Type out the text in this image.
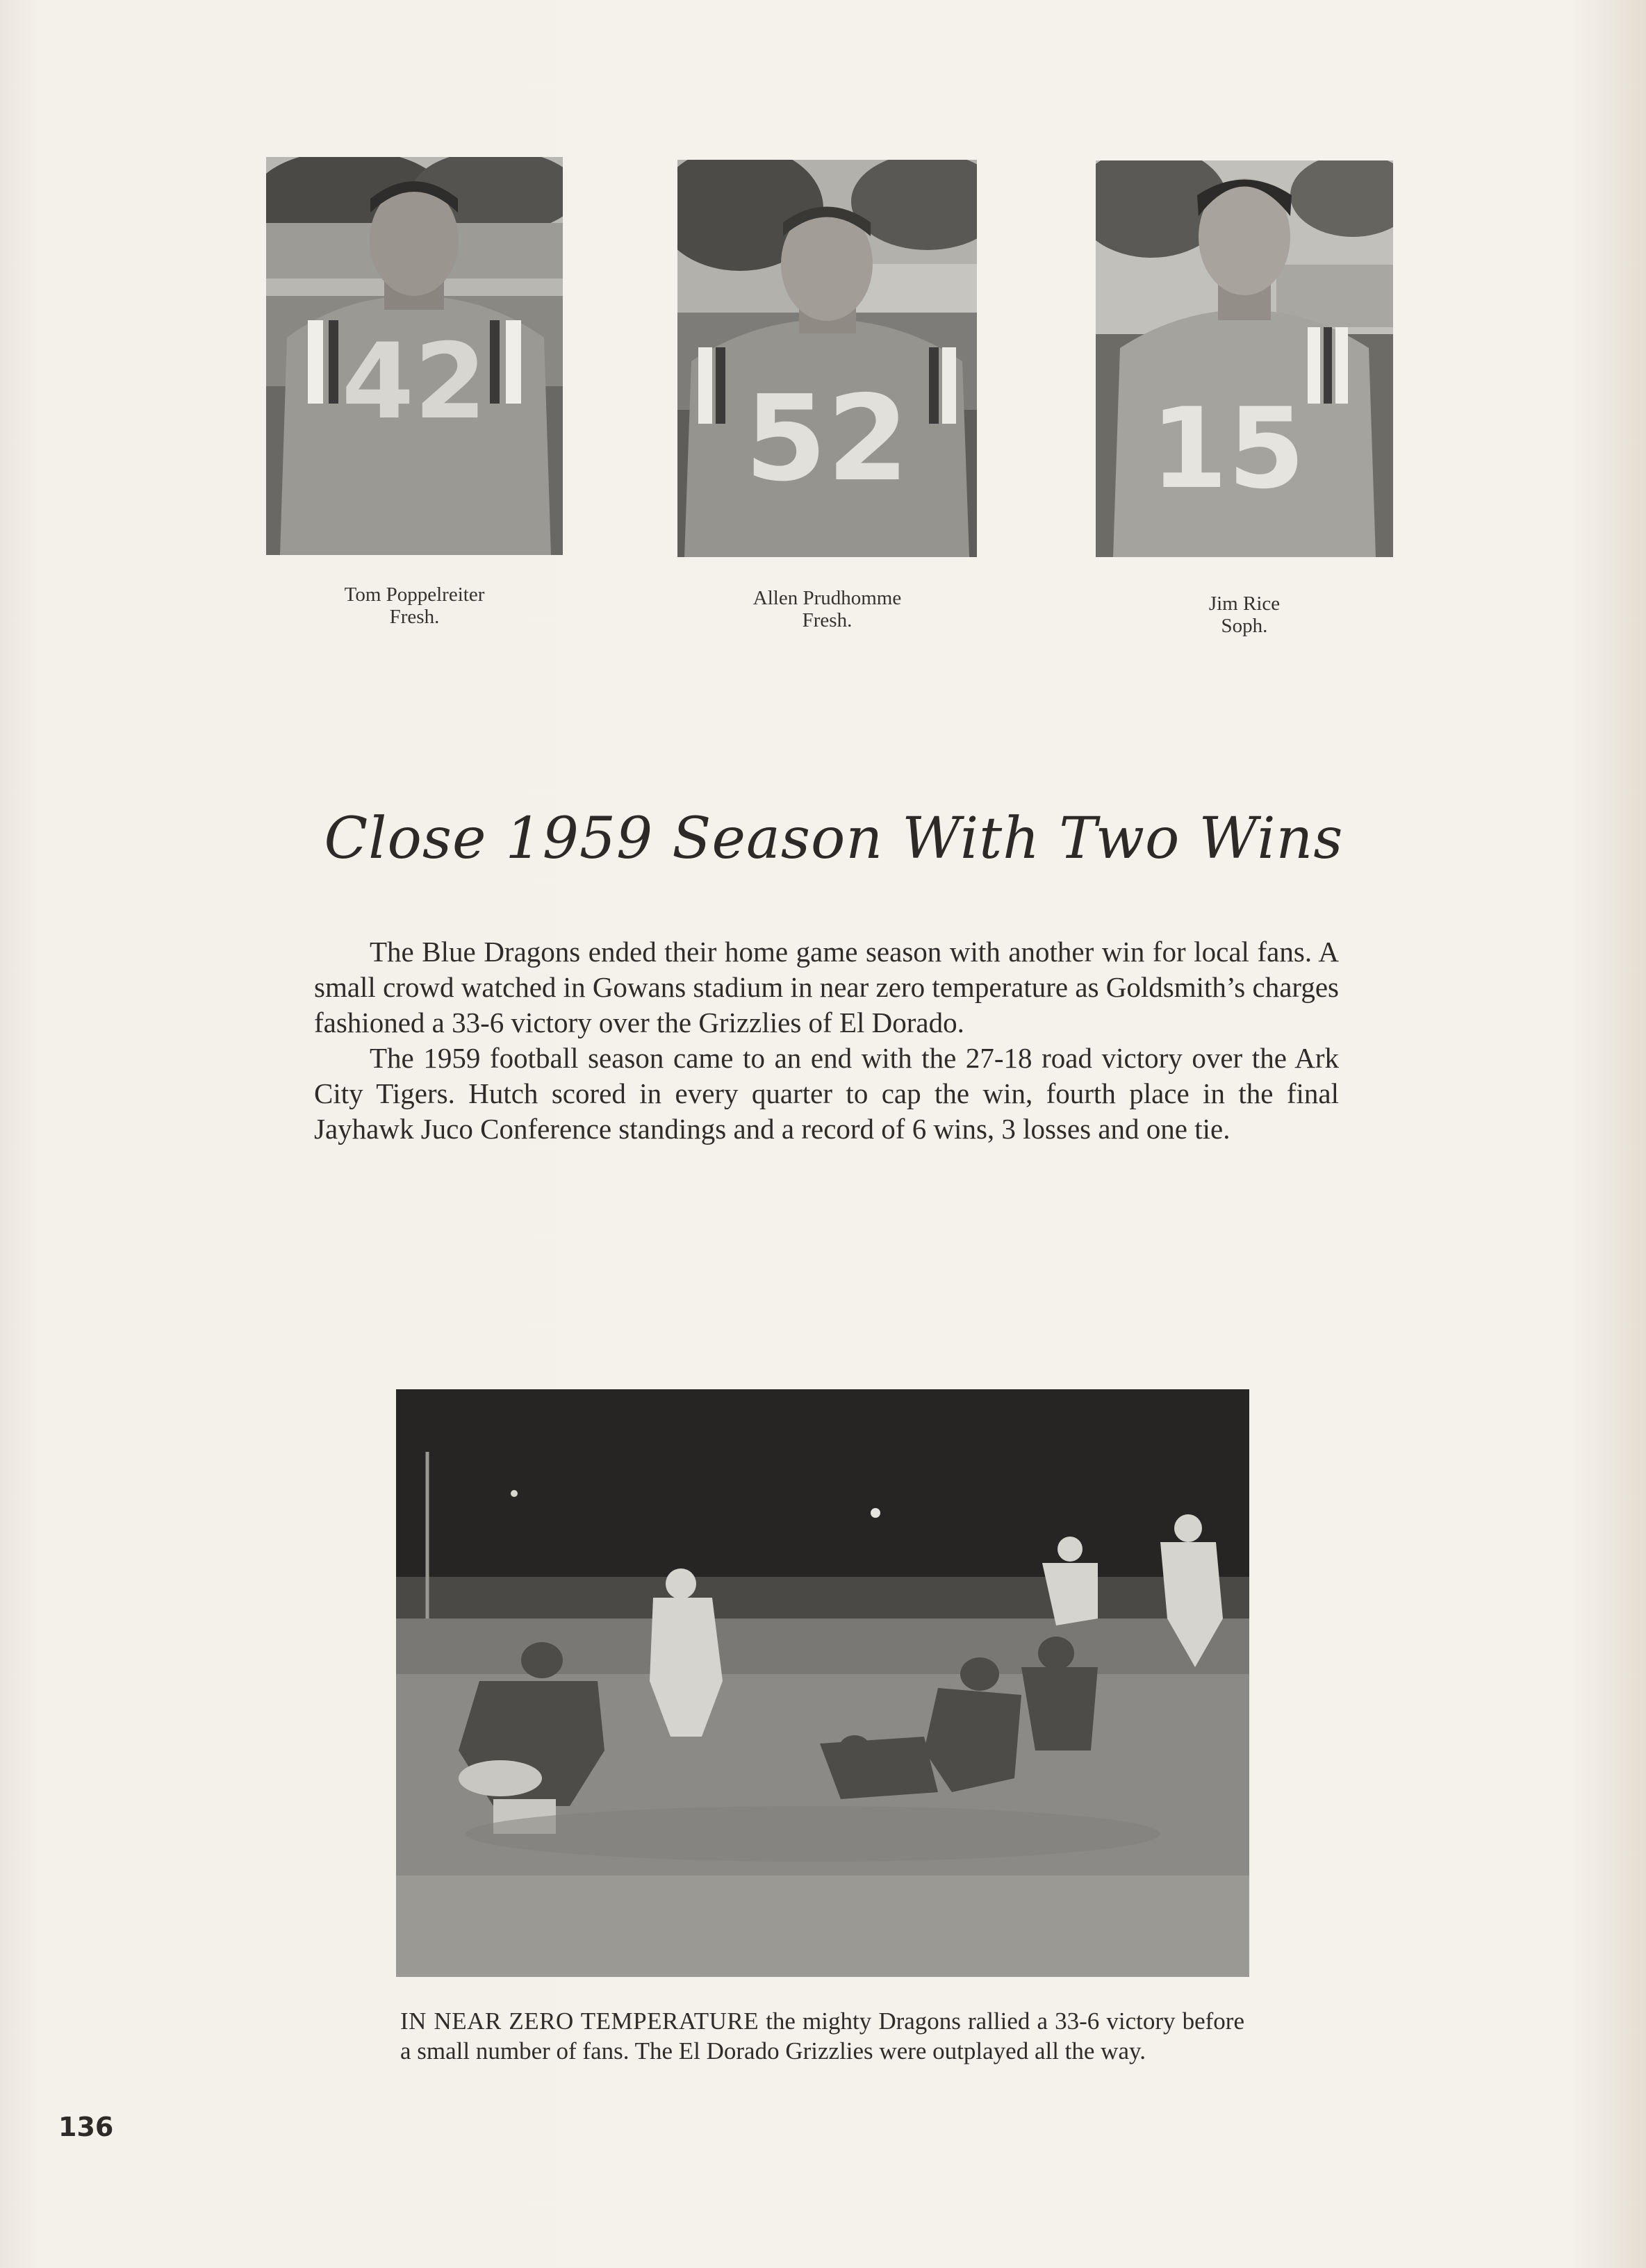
42
Tom Poppelreiter
Fresh.
52
Allen Prudhomme
Fresh.
15
Jim Rice
Soph.
Close 1959 Season With Two Wins

The Blue Dragons ended their home game season with another win for local fans. A small crowd watched in Gowans stadium in near zero temperature as Goldsmith’s charges fashioned a 33-6 victory over the Grizzlies of El Dorado.

The 1959 football season came to an end with the 27-18 road victory over the Ark City Tigers. Hutch scored in every quarter to cap the win, fourth place in the final Jayhawk Juco Conference standings and a record of 6 wins, 3 losses and one tie.

IN NEAR ZERO TEMPERATURE the mighty Dragons rallied a 33-6 victory before a small number of fans. The El Dorado Grizzlies were outplayed all the way.
136
